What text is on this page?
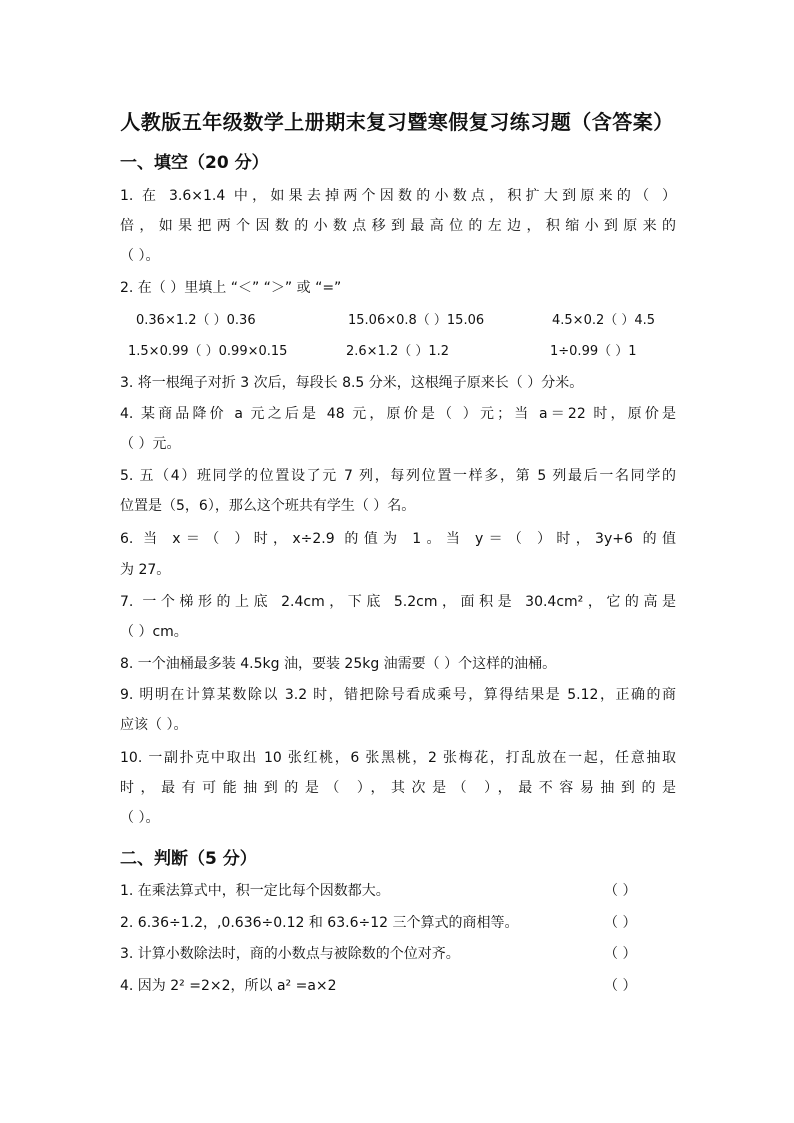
人教版五年级数学上册期末复习暨寒假复习练习题（含答案）
一、填空（20 分）
1. 在 3.6×1.4 中，如果去掉两个因数的小数点，积扩大到原来的（ ）
倍，如果把两个因数的小数点移到最高位的左边，积缩小到原来的
（ ）。
2. 在（ ）里填上 “＜” “＞” 或 “=”
0.36×1.2（ ）0.36	15.06×0.8（ ）15.06	4.5×0.2（ ）4.5
1.5×0.99（ ）0.99×0.15	2.6×1.2（ ）1.2	1÷0.99（ ）1
3. 将一根绳子对折 3 次后，每段长 8.5 分米，这根绳子原来长（ ）分米。
4. 某商品降价 a 元之后是 48 元，原价是（ ）元；当 a＝22 时，原价是
（ ）元。
5. 五（4）班同学的位置设了元 7 列，每列位置一样多，第 5 列最后一名同学的
位置是（5，6），那么这个班共有学生（ ）名。
6. 当 x＝（ ）时，x÷2.9 的值为 1。当 y＝（ ）时，3y+6 的值
为 27。
7. 一个梯形的上底 2.4cm，下底 5.2cm，面积是 30.4cm²，它的高是
（ ）cm。
8. 一个油桶最多装 4.5kg 油，要装 25kg 油需要（ ）个这样的油桶。
9. 明明在计算某数除以 3.2 时，错把除号看成乘号，算得结果是 5.12，正确的商
应该（ ）。
10. 一副扑克中取出 10 张红桃，6 张黑桃，2 张梅花，打乱放在一起，任意抽取
时，最有可能抽到的是（ ），其次是（ ），最不容易抽到的是
（ ）。
二、判断（5 分）
1. 在乘法算式中，积一定比每个因数都大。	（ ）
2. 6.36÷1.2，,0.636÷0.12 和 63.6÷12 三个算式的商相等。	（ ）
3. 计算小数除法时，商的小数点与被除数的个位对齐。	（ ）
4. 因为 2² =2×2，所以 a² =a×2	（ ）
